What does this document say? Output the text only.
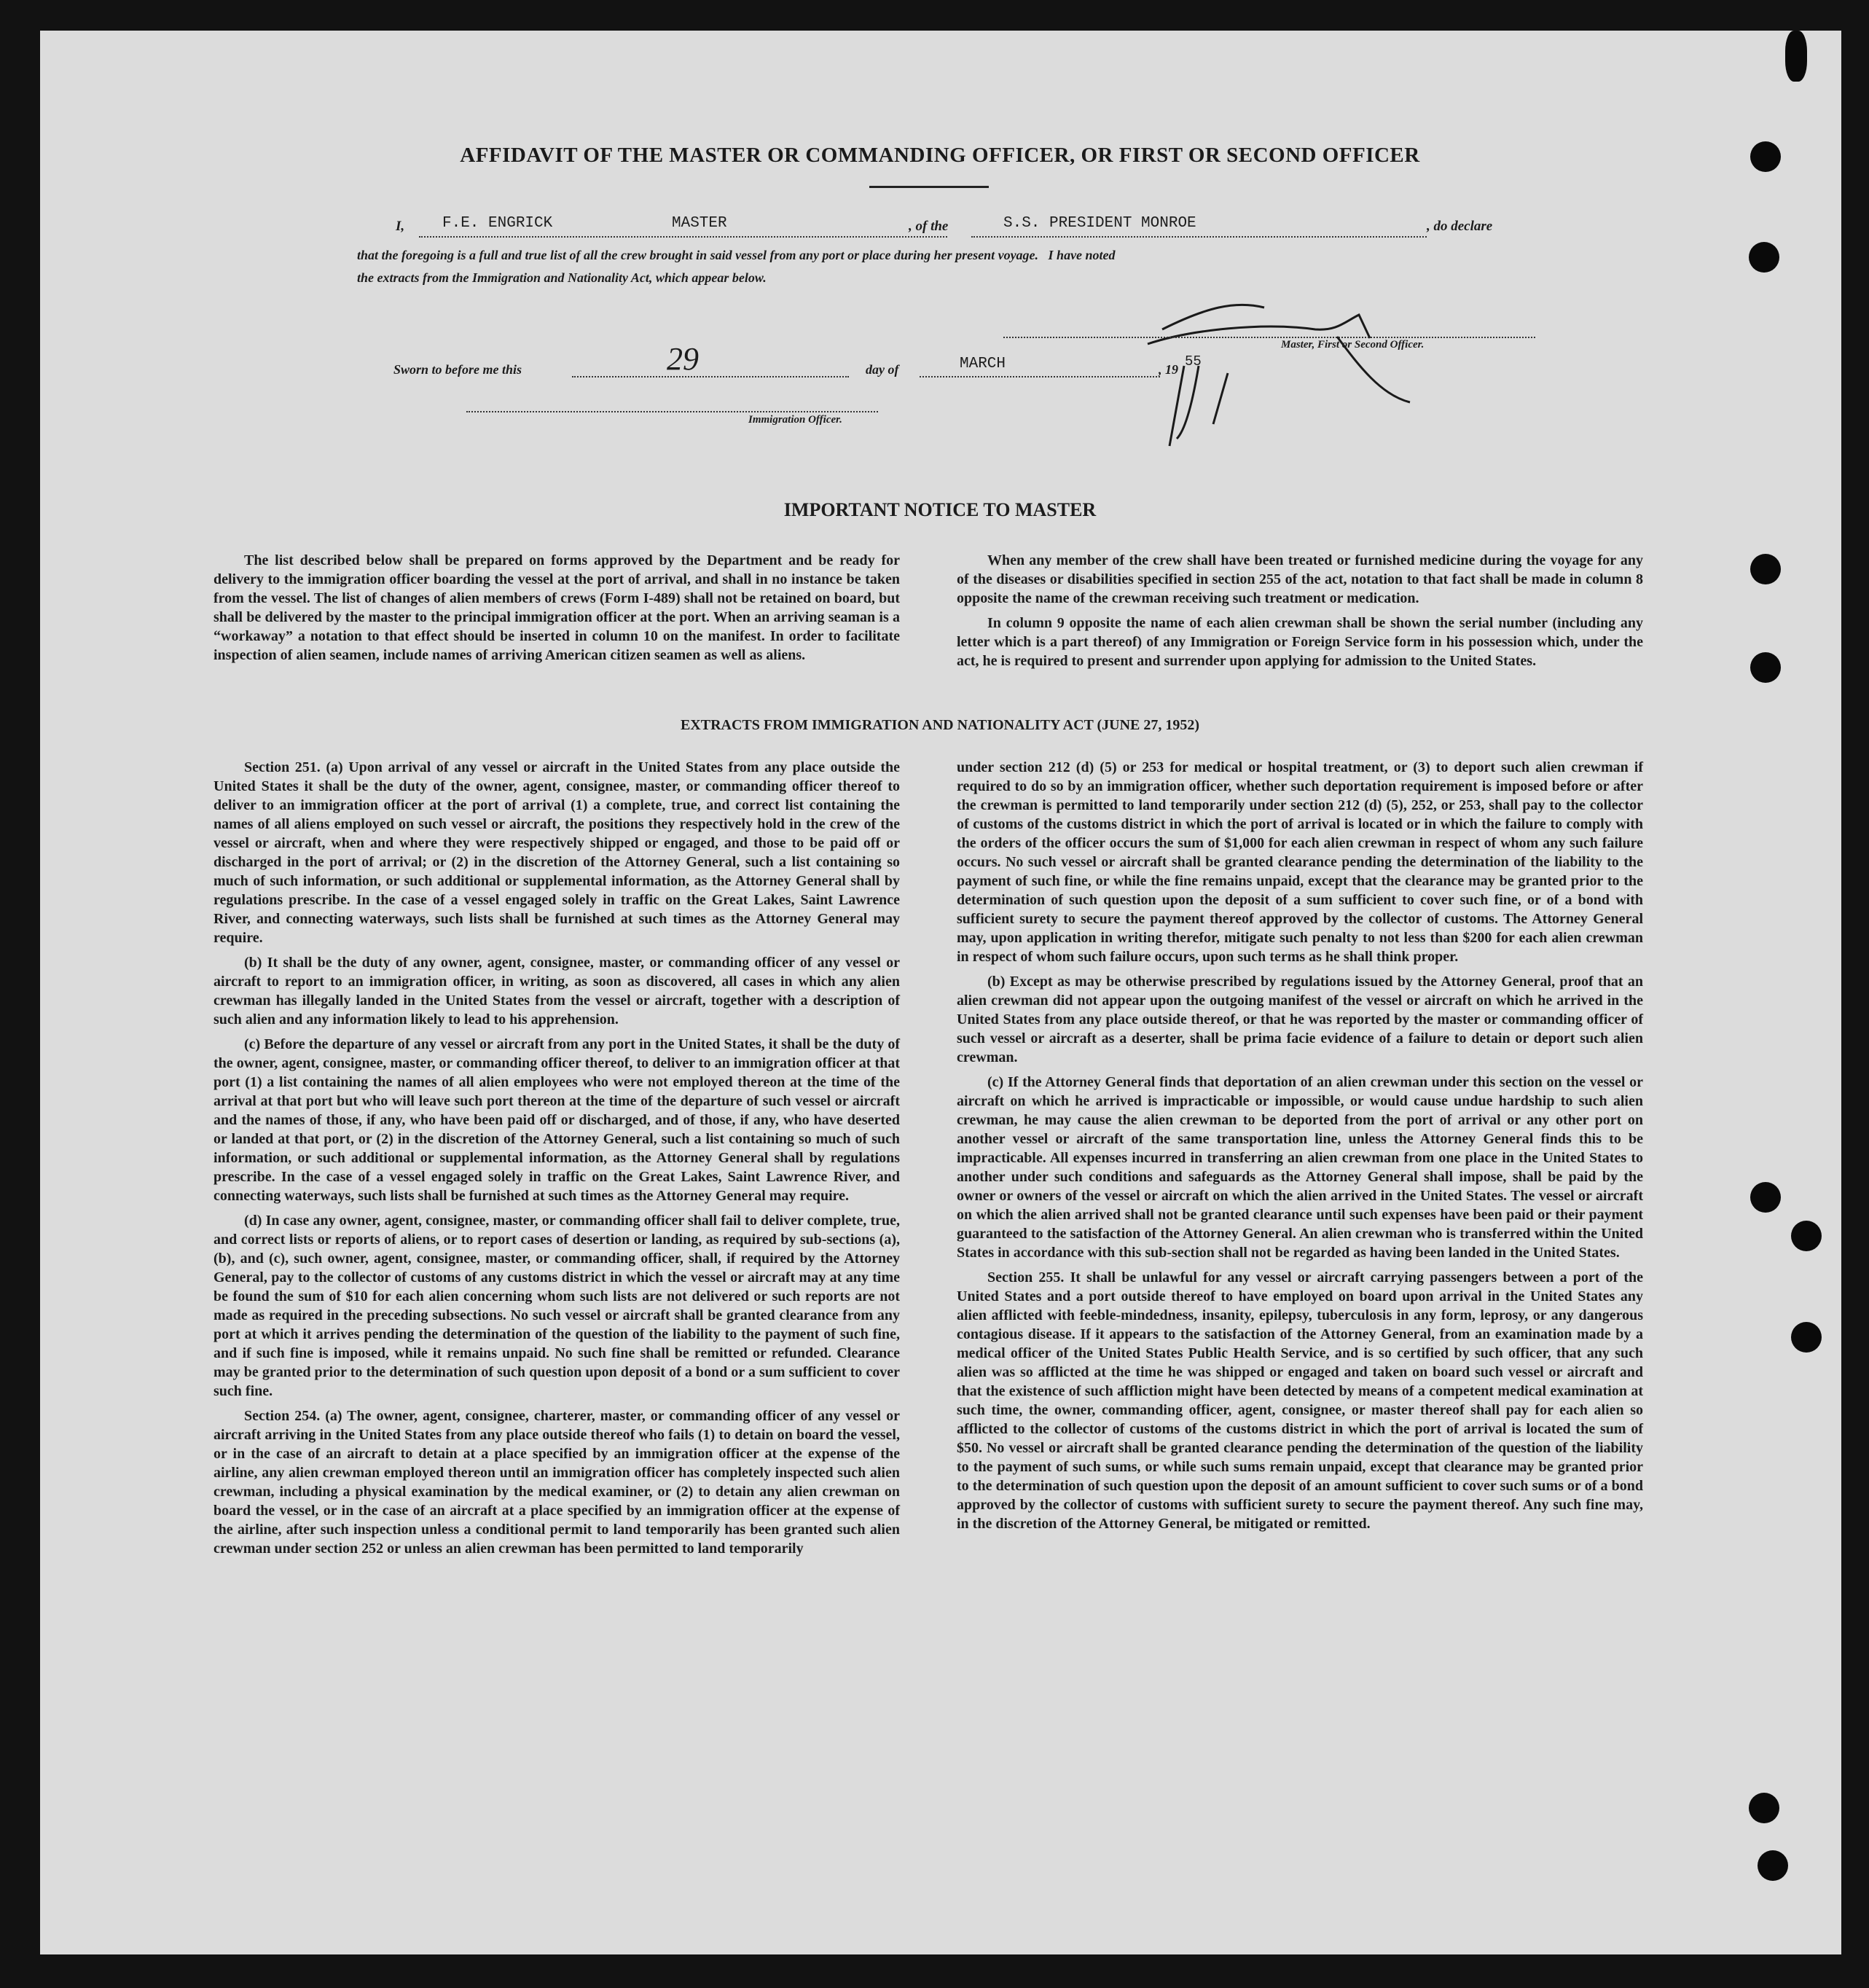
AFFIDAVIT OF THE MASTER OR COMMANDING OFFICER, OR FIRST OR SECOND OFFICER
I,	F.E. ENGRICK	MASTER	, of the	S.S. PRESIDENT MONROE	, do declare
that the foregoing is a full and true list of all the crew brought in said vessel from any port or place during her present voyage.   I have noted
the extracts from the Immigration and Nationality Act, which appear below.
Master, First or Second Officer.
Sworn to before me this	29	day of	MARCH	, 19 55
Immigration Officer.
IMPORTANT NOTICE TO MASTER

The list described below shall be prepared on forms approved by the Department and be ready for delivery to the immigration officer boarding the vessel at the port of arrival, and shall in no instance be taken from the vessel. The list of changes of alien members of crews (Form I-489) shall not be retained on board, but shall be delivered by the master to the principal immigration officer at the port. When an arriving seaman is a “workaway” a notation to that effect should be inserted in column 10 on the manifest. In order to facilitate inspection of alien seamen, include names of arriving American citizen seamen as well as aliens.

When any member of the crew shall have been treated or furnished medicine during the voyage for any of the diseases or disabilities specified in section 255 of the act, notation to that fact shall be made in column 8 opposite the name of the crewman receiving such treatment or medication.

In column 9 opposite the name of each alien crewman shall be shown the serial number (including any letter which is a part thereof) of any Immigration or Foreign Service form in his possession which, under the act, he is required to present and surrender upon applying for admission to the United States.

EXTRACTS FROM IMMIGRATION AND NATIONALITY ACT (JUNE 27, 1952)

Section 251. (a) Upon arrival of any vessel or aircraft in the United States from any place outside the United States it shall be the duty of the owner, agent, consignee, master, or commanding officer thereof to deliver to an immigration officer at the port of arrival (1) a complete, true, and correct list containing the names of all aliens employed on such vessel or aircraft, the positions they respectively hold in the crew of the vessel or aircraft, when and where they were respectively shipped or engaged, and those to be paid off or discharged in the port of arrival; or (2) in the discretion of the Attorney General, such a list containing so much of such information, or such additional or supplemental information, as the Attorney General shall by regulations prescribe. In the case of a vessel engaged solely in traffic on the Great Lakes, Saint Lawrence River, and connecting waterways, such lists shall be furnished at such times as the Attorney General may require.

(b) It shall be the duty of any owner, agent, consignee, master, or commanding officer of any vessel or aircraft to report to an immigration officer, in writing, as soon as discovered, all cases in which any alien crewman has illegally landed in the United States from the vessel or aircraft, together with a description of such alien and any information likely to lead to his apprehension.

(c) Before the departure of any vessel or aircraft from any port in the United States, it shall be the duty of the owner, agent, consignee, master, or commanding officer thereof, to deliver to an immigration officer at that port (1) a list containing the names of all alien employees who were not employed thereon at the time of the arrival at that port but who will leave such port thereon at the time of the departure of such vessel or aircraft and the names of those, if any, who have been paid off or discharged, and of those, if any, who have deserted or landed at that port, or (2) in the discretion of the Attorney General, such a list containing so much of such information, or such additional or supplemental information, as the Attorney General shall by regulations prescribe. In the case of a vessel engaged solely in traffic on the Great Lakes, Saint Lawrence River, and connecting waterways, such lists shall be furnished at such times as the Attorney General may require.

(d) In case any owner, agent, consignee, master, or commanding officer shall fail to deliver complete, true, and correct lists or reports of aliens, or to report cases of desertion or landing, as required by sub-sections (a), (b), and (c), such owner, agent, consignee, master, or commanding officer, shall, if required by the Attorney General, pay to the collector of customs of any customs district in which the vessel or aircraft may at any time be found the sum of $10 for each alien concerning whom such lists are not delivered or such reports are not made as required in the preceding subsections. No such vessel or aircraft shall be granted clearance from any port at which it arrives pending the determination of the question of the liability to the payment of such fine, and if such fine is imposed, while it remains unpaid. No such fine shall be remitted or refunded. Clearance may be granted prior to the determination of such question upon deposit of a bond or a sum sufficient to cover such fine.

Section 254. (a) The owner, agent, consignee, charterer, master, or commanding officer of any vessel or aircraft arriving in the United States from any place outside thereof who fails (1) to detain on board the vessel, or in the case of an aircraft to detain at a place specified by an immigration officer at the expense of the airline, any alien crewman employed thereon until an immigration officer has completely inspected such alien crewman, including a physical examination by the medical examiner, or (2) to detain any alien crewman on board the vessel, or in the case of an aircraft at a place specified by an immigration officer at the expense of the airline, after such inspection unless a conditional permit to land temporarily has been granted such alien crewman under section 252 or unless an alien crewman has been permitted to land temporarily

under section 212 (d) (5) or 253 for medical or hospital treatment, or (3) to deport such alien crewman if required to do so by an immigration officer, whether such deportation requirement is imposed before or after the crewman is permitted to land temporarily under section 212 (d) (5), 252, or 253, shall pay to the collector of customs of the customs district in which the port of arrival is located or in which the failure to comply with the orders of the officer occurs the sum of $1,000 for each alien crewman in respect of whom any such failure occurs. No such vessel or aircraft shall be granted clearance pending the determination of the liability to the payment of such fine, or while the fine remains unpaid, except that the clearance may be granted prior to the determination of such question upon the deposit of a sum sufficient to cover such fine, or of a bond with sufficient surety to secure the payment thereof approved by the collector of customs. The Attorney General may, upon application in writing therefor, mitigate such penalty to not less than $200 for each alien crewman in respect of whom such failure occurs, upon such terms as he shall think proper.

(b) Except as may be otherwise prescribed by regulations issued by the Attorney General, proof that an alien crewman did not appear upon the outgoing manifest of the vessel or aircraft on which he arrived in the United States from any place outside thereof, or that he was reported by the master or commanding officer of such vessel or aircraft as a deserter, shall be prima facie evidence of a failure to detain or deport such alien crewman.

(c) If the Attorney General finds that deportation of an alien crewman under this section on the vessel or aircraft on which he arrived is impracticable or impossible, or would cause undue hardship to such alien crewman, he may cause the alien crewman to be deported from the port of arrival or any other port on another vessel or aircraft of the same transportation line, unless the Attorney General finds this to be impracticable. All expenses incurred in transferring an alien crewman from one place in the United States to another under such conditions and safeguards as the Attorney General shall impose, shall be paid by the owner or owners of the vessel or aircraft on which the alien arrived in the United States. The vessel or aircraft on which the alien arrived shall not be granted clearance until such expenses have been paid or their payment guaranteed to the satisfaction of the Attorney General. An alien crewman who is transferred within the United States in accordance with this sub-section shall not be regarded as having been landed in the United States.

Section 255. It shall be unlawful for any vessel or aircraft carrying passengers between a port of the United States and a port outside thereof to have employed on board upon arrival in the United States any alien afflicted with feeble-mindedness, insanity, epilepsy, tuberculosis in any form, leprosy, or any dangerous contagious disease. If it appears to the satisfaction of the Attorney General, from an examination made by a medical officer of the United States Public Health Service, and is so certified by such officer, that any such alien was so afflicted at the time he was shipped or engaged and taken on board such vessel or aircraft and that the existence of such affliction might have been detected by means of a competent medical examination at such time, the owner, commanding officer, agent, consignee, or master thereof shall pay for each alien so afflicted to the collector of customs of the customs district in which the port of arrival is located the sum of $50. No vessel or aircraft shall be granted clearance pending the determination of the question of the liability to the payment of such sums, or while such sums remain unpaid, except that clearance may be granted prior to the determination of such question upon the deposit of an amount sufficient to cover such sums or of a bond approved by the collector of customs with sufficient surety to secure the payment thereof. Any such fine may, in the discretion of the Attorney General, be mitigated or remitted.
